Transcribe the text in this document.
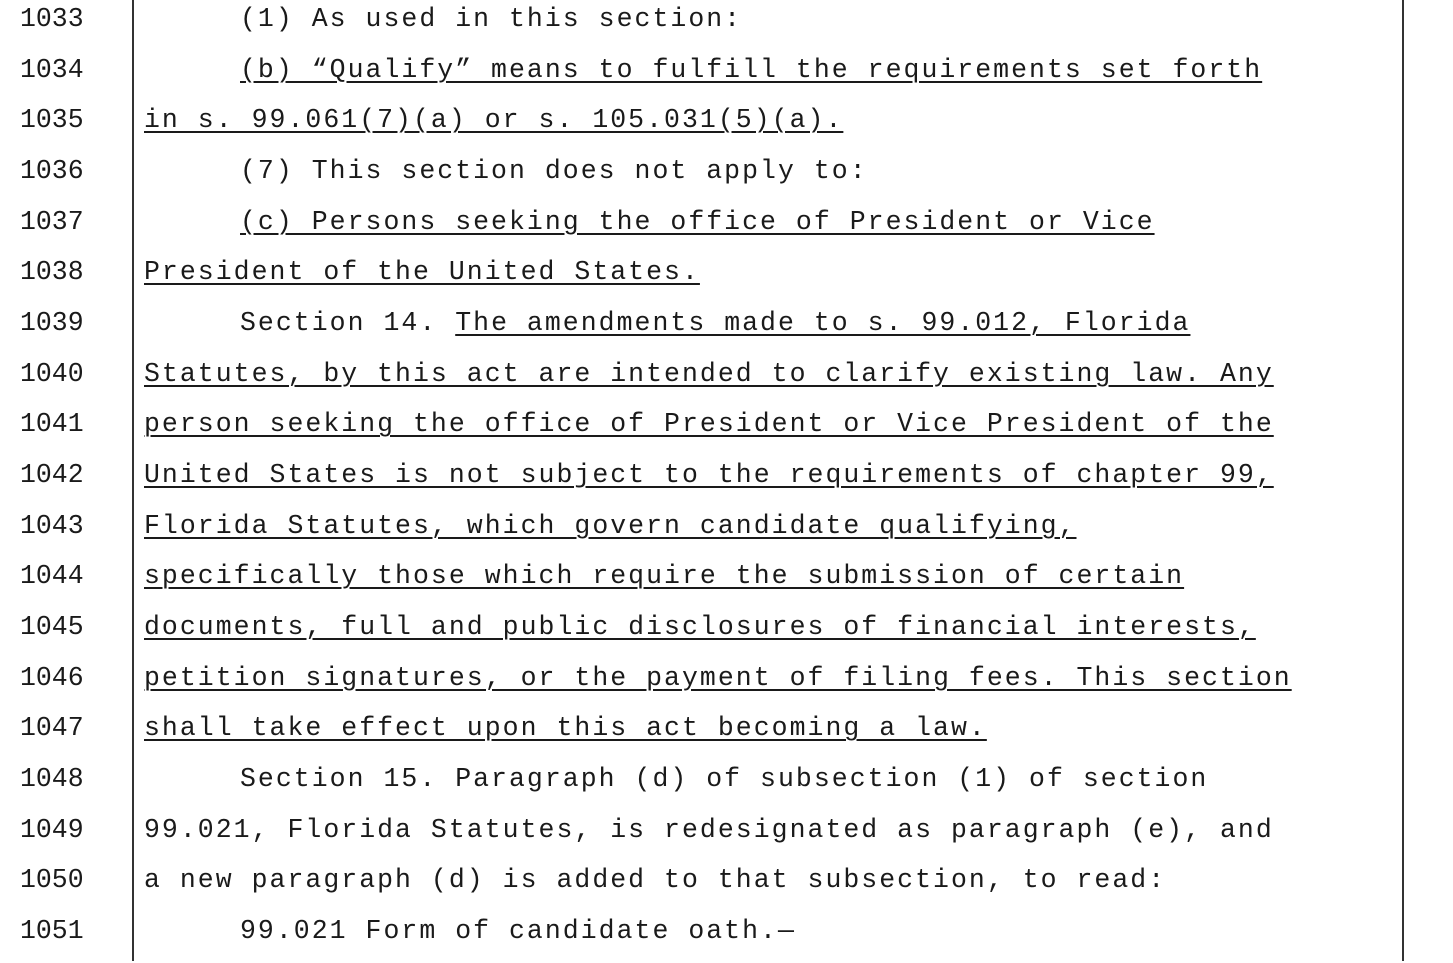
1033	(1) As used in this section:
1034	(b) “Qualify” means to fulfill the requirements set forth
1035 in s. 99.061(7)(a) or s. 105.031(5)(a).
1036	(7) This section does not apply to:
1037	(c) Persons seeking the office of President or Vice
1038 President of the United States.
1039	Section 14. The amendments made to s. 99.012, Florida
1040 Statutes, by this act are intended to clarify existing law. Any
1041 person seeking the office of President or Vice President of the
1042 United States is not subject to the requirements of chapter 99,
1043 Florida Statutes, which govern candidate qualifying,
1044 specifically those which require the submission of certain
1045 documents, full and public disclosures of financial interests,
1046 petition signatures, or the payment of filing fees. This section
1047 shall take effect upon this act becoming a law.
1048	Section 15. Paragraph (d) of subsection (1) of section
1049 99.021, Florida Statutes, is redesignated as paragraph (e), and
1050 a new paragraph (d) is added to that subsection, to read:
1051	99.021 Form of candidate oath.—
